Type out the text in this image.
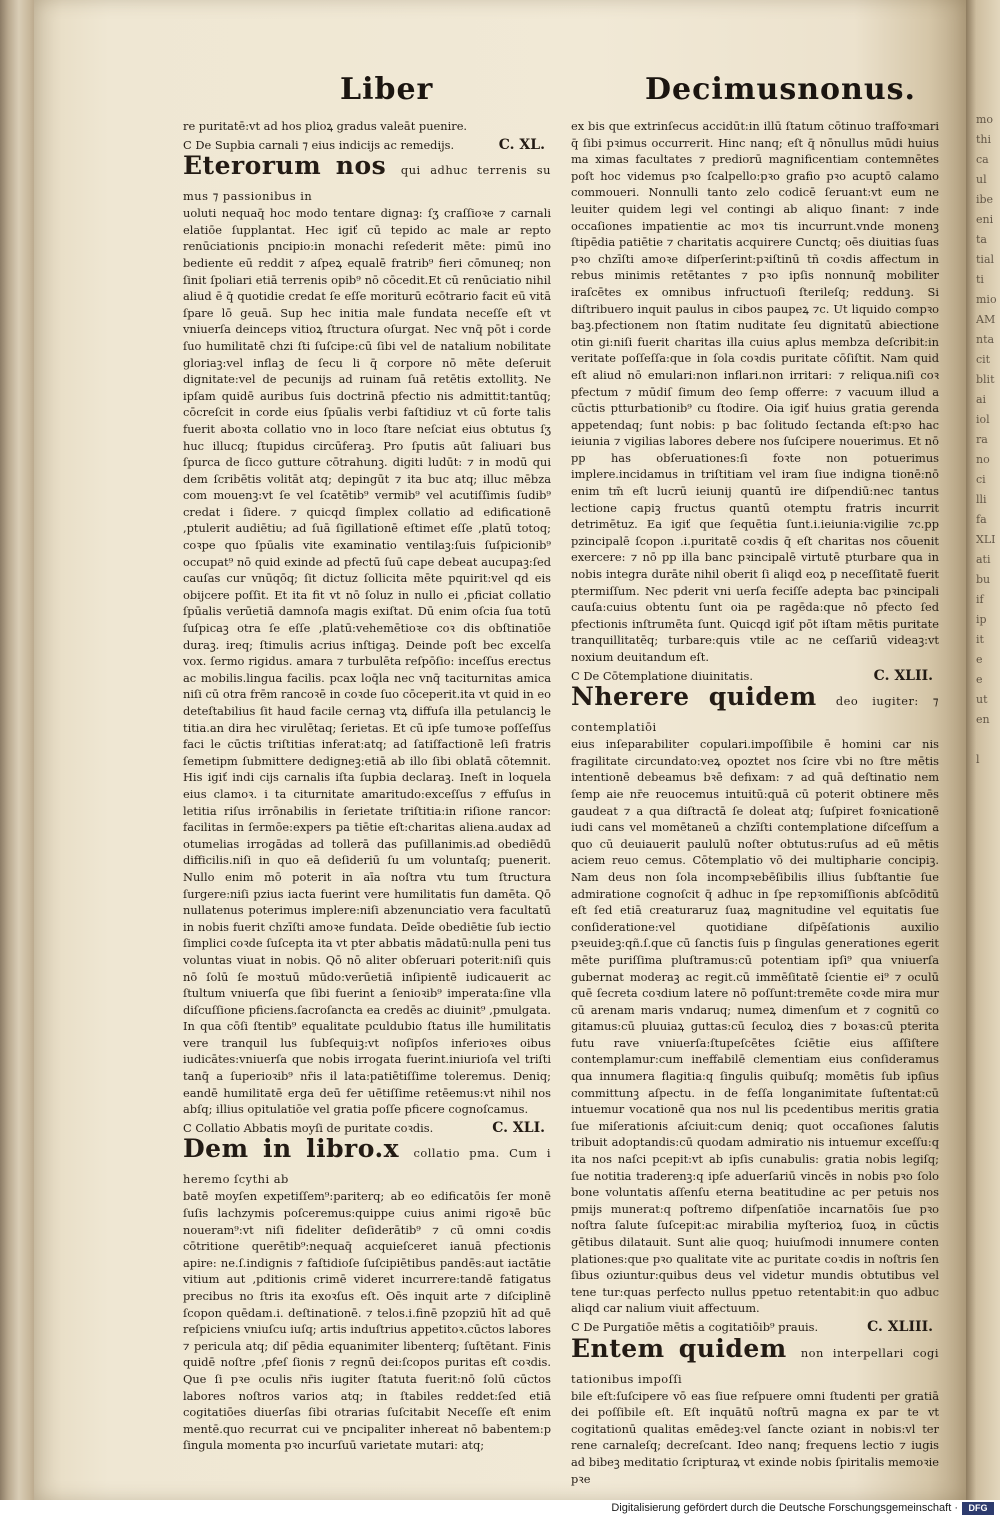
mo
thi
ca
ul
ibe
eni
ta
tial
ti
mio
AM
nta
cit
blit
ai
iol
ra
no
ci
lli
fa
XLI
ati
bu
if
ip
it
e
e
ut
en

l
Liber	Decimusnonus.

re puritatē:vt ad hos plioꝝ gradus valeāt puenire.

C. XL.
C De Supbia carnali ⁊ eius indicijs ac remedijs.
Eterorum nos qui adhuc terrenis su mus ⁊ passionibus in

uoluti nequaq̄ hoc modo tentare dignaꝫ: ſʒ craſſioꝛe ⁊ carnali elatiōe ſupplantat. Hec igiť cū tepido ac male ar repto renūciationis pncipio:in monachi reſederit mēte: pimū ino bediente eū reddit ⁊ aſpeꝝ equalē fratrib⁹ fieri cōmuneq; non ſinit ſpoliari etiā terrenis opib⁹ nō cōcedit.Et cū renūciatio nihil aliud ē q̄ quotidie credat ſe eſſe moriturū ecōtrario facit eū vitā ſpare lō geuā. Sup hec initia male fundata neceſſe eſt vt vniuerſa deinceps vitioꝝ ſtructura oſurgat. Nec vnq̄ pōt i corde ſuo humilitatē chzi ſti ſuſcipe:cū ſibi vel de natalium nobilitate gloriaꝫ:vel inflaꝫ de ſecu li q̄ corpore nō mēte deſeruit dignitate:vel de pecunijs ad ruinam ſuā retētis extollitꝫ. Ne ipſam quidē auribus ſuis doctrinā pfectio nis admittit:tantūq; cōcreſcit in corde eius ſpūalis verbi faſtidiuz vt cū forte talis fuerit aboꝛta collatio vno in loco ſtare neſciat eius obtutus ſʒ huc illucq; ſtupidus circūferaꝫ. Pro ſputis aūt ſaliuari bus ſpurca de ſicco gutture cōtrahunꝫ. digiti ludūt: ⁊ in modū qui dem ſcribētis volitāt atq; depingūt ⁊ ita buc atq; illuc mēbza com mouenꝫ:vt ſe vel ſcatētib⁹ vermib⁹ vel acutiſſimis ſudib⁹ credat i ſidere. ⁊ quicqd ſimplex collatio ad edificationē ,ptulerit audiētiu; ad ſuā ſigillationē eſtimet eſſe ,platū totoq; coꝛpe quo ſpūalis vite examinatio ventilaꝫ:ſuis ſuſpicionib⁹ occupat⁹ nō quid exinde ad pfectū ſuū cape debeat aucupaꝫ:ſed cauſas cur vnūqōq; ſit dictuz ſollicita mēte pquirit:vel qd eis obijcere poſſit. Et ita fit vt nō ſoluz in nullo ei ,pficiat collatio ſpūalis verūetiā damnoſa magis exiſtat. Dū enim oſcia ſua totū ſuſpicaꝫ otra ſe eſſe ,platū:vehemētioꝛe coꝛ dis obſtinatiōe duraꝫ. ireq; ſtimulis acrius inſtigaꝫ. Deinde poſt bec excelſa vox. ſermo rigidus. amara ⁊ turbulēta reſpōſio: inceſſus erectus ac mobilis.lingua facilis. pcax loq̄la nec vnq̄ taciturnitas amica niſi cū otra frēm rancoꝛē in coꝛde ſuo cōceperit.ita vt quid in eo deteſtabilius ſit haud facile cernaꝫ vtꝝ diffuſa illa petulanciꝫ le titia.an dira hec virulētaq; ſerietas. Et cū ipſe tumoꝛe poſſeſſus faci le cūctis triſtitias inferat:atq; ad ſatiſfactionē leſi fratris ſemetipm ſubmittere dedigneꝫ:etiā ab illo ſibi oblatā cōtemnit. His igiť indi cijs carnalis iſta ſupbia declaraꝫ. Ineſt in loquela eius clamoꝛ. i ta citurnitate amaritudo:exceſſus ⁊ effuſus in letitia riſus irrōnabilis in ſerietate triſtitia:in riſione rancor: facilitas in ſermōe:expers pa tiētie eſt:charitas aliena.audax ad otumelias irrogādas ad tollerā das puſillanimis.ad obediēdū difficilis.niſi in quo eā deſideriū ſu um voluntaſq; puenerit. Nullo enim mō poterit in aīa noſtra vtu tum ſtructura ſurgere:niſi pzius iacta fuerint vere humilitatis fun damēta. Qō nullatenus poterimus implere:niſi abzenunciatio vera facultatū in nobis fuerit chzīſti amoꝛe fundata. Deīde obediētie ſub iectio ſimplici coꝛde ſuſcepta ita vt pter abbatis mādatū:nulla peni tus voluntas viuat in nobis. Qō nō aliter obſeruari poterit:niſi quis nō ſolū ſe moꝛtuū mūdo:verūetiā inſipientē iudicauerit ac ſtultum vniuerſa que ſibi fuerint a ſenioꝛib⁹ imperata:ſine vlla diſcuſſione pficiens.ſacroſancta ea credēs ac diuinit⁹ ,pmulgata. In qua cōſi ſtentib⁹ equalitate pculdubio ſtatus ille humilitatis vere tranquil lus ſubſequiꝫ:vt noſipſos inferioꝛes oibus iudicātes:vniuerſa que nobis irrogata fuerint.iniurioſa vel triſti tanq̄ a ſuperioꝛib⁹ nr̄is il lata:patiētiſſime toleremus. Deniq; eandē humilitatē erga deū fer uētiſſime retēemus:vt nihil nos abſq; illius opitulatiōe vel gratia poſſe pficere cognoſcamus.

C. XLI.
C Collatio Abbatis moyſi de puritate coꝛdis.
Dem in libro.x collatio pma. Cum i heremo ſcythi ab

batē moyſen expetiſſem⁹:pariterq; ab eo edificatōis ſer monē ſuſis lachzymis poſceremus:quippe cuius animi rigoꝛē būc noueram⁹:vt niſi fideliter deſiderātib⁹ ⁊ cū omni coꝛdis cōtritione querētib⁹:nequaq̄ acquieſceret ianuā pfectionis apire: ne.ſ.indignis ⁊ faſtidioſe ſuſcipiētibus pandēs:aut iactātie vitium aut ,pditionis crimē videret incurrere:tandē fatigatus precibus no ſtris ita exoꝛſus eſt. Oēs inquit arte ⁊ diſciplinē ſcopon quēdam.i. deſtinationē. ⁊ telos.i.finē pzopziū hīt ad quē reſpiciens vniuſcu iuſq; artis induſtrius appetitoꝛ.cūctos labores ⁊ pericula atq; diſ pēdia equanimiter libenterq; ſuſtētant. Finis quidē noſtre ,pfeſ ſionis ⁊ regnū dei:ſcopos puritas eſt coꝛdis. Que ſi pꝛe oculis nr̄is iugiter ſtatuta fuerit:nō ſolū cūctos labores noſtros varios atq; in ſtabiles reddet:ſed etiā cogitatiōes diuerſas ſibi otrarias ſuſcitabit Neceſſe eſt enim mentē.quo recurrat cui ve pncipaliter inhereat nō babentem:p ſingula momenta pꝛo incurſuū varietate mutari: atq;

ex bis que extrinſecus accidūt:in illū ſtatum cōtinuo traſfoꝛmari q̄ ſibi pꝛimus occurrerit. Hinc nanq; eſt q̄ nōnullus mūdi huius ma ximas facultates ⁊ prediorū magnificentiam contemnētes poſt hoc videmus pꝛo ſcalpello:pꝛo grafio pꝛo acuptō calamo commoueri. Nonnulli tanto zelo codicē ſeruant:vt eum ne leuiter quidem legi vel contingi ab aliquo ſinant: ⁊ inde occaſiones impatientie ac moꝛ tis incurrunt.vnde monenꝫ ſtipēdia patiētie ⁊ charitatis acquirere Cunctq; oēs diuitias ſuas pꝛo chzīſti amoꝛe diſperſerint:pꝛiſtinū tñ coꝛdis affectum in rebus minimis retētantes ⁊ pꝛo ipſis nonnunq̄ mobiliter iraſcētes ex omnibus infructuoſi ſterileſq; reddunꝫ. Si diſtribuero inquit paulus in cibos paupeꝝ ⁊c. Ut liquido compꝛo baꝫ.pfectionem non ſtatim nuditate ſeu dignitatū abiectione otin gi:niſi fuerit charitas illa cuius aplus membza deſcribit:in veritate poſſeſſa:que in ſola coꝛdis puritate cōſiſtit. Nam quid eſt aliud nō emulari:non inflari.non irritari: ⁊ reliqua.niſi coꝛ pfectum ⁊ mūdiſ ſimum deo ſemp offerre: ⁊ vacuum illud a cūctis ptturbationib⁹ cu ſtodire. Oia igiť huius gratia gerenda appetendaq; ſunt nobis: p bac ſolitudo ſectanda eſt:pꝛo hac ieiunia ⁊ vigilias labores debere nos ſuſcipere nouerimus. Et nō pp has obſeruationes:ſi foꝛte non potuerimus implere.incidamus in triſtitiam vel iram ſiue indigna tionē:nō enim tm̄ eſt lucrū ieiunij quantū ire diſpendiū:nec tantus lectione capiꝫ fructus quantū otemptu fratris incurrit detrimētuz. Ea igiť que ſequētia ſunt.i.ieiunia:vigilie ⁊c.pp pzincipalē ſcopon .i.puritatē coꝛdis q̄ eſt charitas nos cōuenit exercere: ⁊ nō pp illa banc pꝛincipalē virtutē pturbare qua in nobis integra durāte nihil oberit ſi aliqd eoꝝ p neceſſitatē fuerit ptermiſſum. Nec pderit vni uerſa feciſſe adepta bac pꝛincipali cauſa:cuius obtentu ſunt oia pe ragēda:que nō pfecto ſed pfectionis inſtrumēta ſunt. Quicqd igiť pōt iſtam mētis puritate tranquillitatēq; turbare:quis vtile ac ne ceſſariū videaꝫ:vt noxium deuitandum eſt.

C. XLII.
C De Cōtemplatione diuinitatis.
Nherere quidem deo iugiter: ⁊ contemplatiōi

eius inſeparabiliter copulari.impoſſibile ē homini car nis fragilitate circundato:veꝝ opoztet nos ſcire vbi no ſtre mētis intentionē debeamus bꝛē defixam: ⁊ ad quā deſtinatio nem ſemp aie nr̄e reuocemus intuitū:quā cū poterit obtinere mēs gaudeat ⁊ a qua diſtractā ſe doleat atq; ſuſpiret foꝛnicationē iudi cans vel momētaneū a chzīſti contemplatione diſceſſum a quo cū deuiauerit paululū noſter obtutus:ruſus ad eū mētis aciem reuo cemus. Cōtemplatio vō dei multipharie concipiꝫ. Nam deus non ſola incompꝛebēſibilis illius ſubſtantie ſue admiratione cognoſcit q̄ adhuc in ſpe repꝛomiſſionis abſcōditū eſt ſed etiā creaturaruz ſuaꝝ magnitudine vel equitatis ſue conſideratione:vel quotidiane diſpēſationis auxilio pꝛeuideꝫ:qñ.ſ.que cū ſanctis ſuis p ſingulas generationes egerit mēte puriſſima pluſtramus:cū potentiam ipſi⁹ qua vniuerſa gubernat moderaꝫ ac regit.cū immēſitatē ſcientie ei⁹ ⁊ oculū quē ſecreta coꝛdium latere nō poſſunt:tremēte coꝛde mira mur cū arenam maris vndaruq; numeꝝ dimenſum et ⁊ cognitū co gitamus:cū pluuiaꝝ guttas:cū ſeculoꝝ dies ⁊ boꝛas:cū pterita futu rave vniuerſa:ſtupeſcētes ſciētie eius aſſiſtere contemplamur:cum ineffabilē clementiam eius conſideramus qua innumera flagitia:q ſingulis quibuſq; momētis ſub ipſius committunꝫ aſpectu. in de feſſa longanimitate ſuſtentat:cū intuemur vocationē qua nos nul lis pcedentibus meritis gratia ſue miſerationis aſciuit:cum deniq; quot occaſiones ſalutis tribuit adoptandis:cū quodam admiratio nis intuemur exceſſu:q ita nos naſci pcepit:vt ab ipſis cunabulis: gratia nobis legiſq; ſue notitia traderenꝫ:q ipſe aduerſariū vincēs in nobis pꝛo ſolo bone voluntatis aſſenſu eterna beatitudine ac per petuis nos pmijs munerat:q poſtremo diſpenſatiōe incarnatōis ſue pꝛo noſtra ſalute ſuſcepit:ac mirabilia myſterioꝝ ſuoꝝ in cūctis gētibus dilatauit. Sunt alie quoq; huiuſmodi innumere conten plationes:que pꝛo qualitate vite ac puritate coꝛdis in noſtris ſen ſibus oziuntur:quibus deus vel videtur mundis obtutibus vel tene tur:quas perfecto nullus ppetuo retentabit:in quo adbuc aliqd car nalium viuit affectuum.

C. XLIII.
C De Purgatiōe mētis a cogitatiōib⁹ prauis.
Entem quidem non interpellari cogi tationibus impoſſi

bile eſt:ſuſcipere vō eas ſiue reſpuere omni ſtudenti per gratiā dei poſſibile eſt. Eſt inquātū noſtrū magna ex par te vt cogitationū qualitas emēdeꝫ:vel ſancte oziant in nobis:vl ter rene carnaleſq; decreſcant. Ideo nanq; frequens lectio ⁊ iugis ad bibeꝫ meditatio ſcripturaꝝ vt exinde nobis ſpiritalis memoꝛie pꝛe

Digitalisierung gefördert durch die Deutsche Forschungsgemeinschaft ·	DFG
